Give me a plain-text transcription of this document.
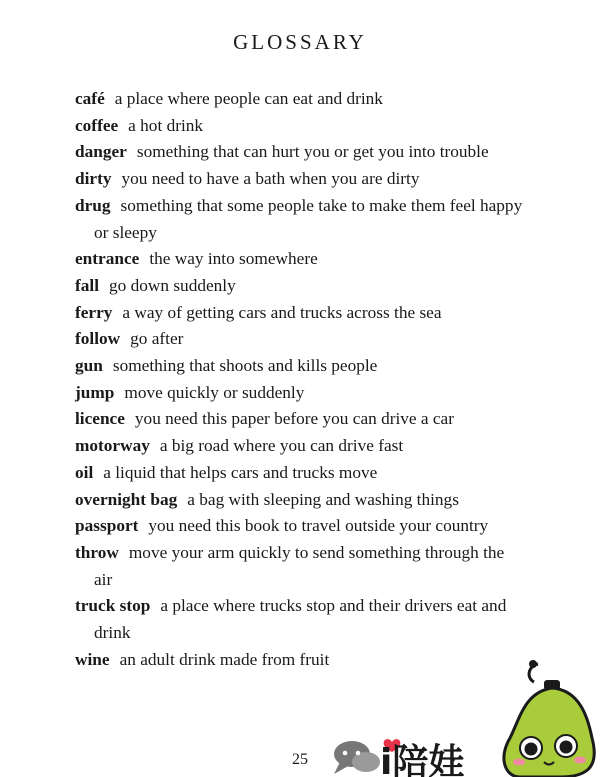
GLOSSARY
café a place where people can eat and drink
coffee a hot drink
danger something that can hurt you or get you into trouble
dirty you need to have a bath when you are dirty
drug something that some people take to make them feel happy or sleepy
entrance the way into somewhere
fall go down suddenly
ferry a way of getting cars and trucks across the sea
follow go after
gun something that shoots and kills people
jump move quickly or suddenly
licence you need this paper before you can drive a car
motorway a big road where you can drive fast
oil a liquid that helps cars and trucks move
overnight bag a bag with sleeping and washing things
passport you need this book to travel outside your country
throw move your arm quickly to send something through the air
truck stop a place where trucks stop and their drivers eat and drink
wine an adult drink made from fruit
25	i陪娃
